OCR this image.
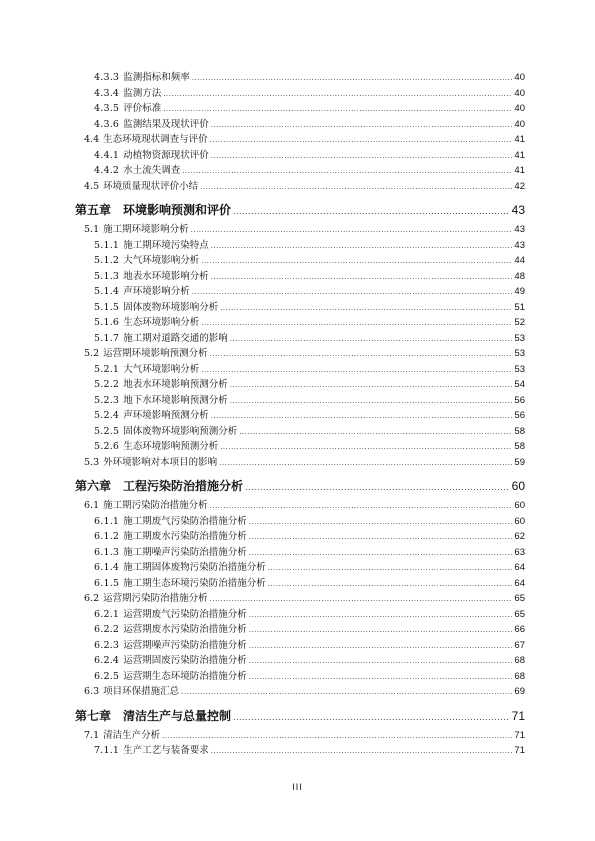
4.3.3 监测指标和频率 .....	40
4.3.4 监测方法 .....	40
4.3.5 评价标准 .....	40
4.3.6 监测结果及现状评价 .....	40
4.4 生态环境现状调查与评价 .....	41
4.4.1 动植物资源现状评价 .....	41
4.4.2 水土流失调查 .....	41
4.5 环境质量现状评价小结 .....	42
第五章	环境影响预测和评价 .....	43
5.1 施工期环境影响分析 .....	43
5.1.1 施工期环境污染特点 .....	43
5.1.2 大气环境影响分析 .....	44
5.1.3 地表水环境影响分析 .....	48
5.1.4 声环境影响分析 .....	49
5.1.5 固体废物环境影响分析 .....	51
5.1.6 生态环境影响分析 .....	52
5.1.7 施工期对道路交通的影响 .....	53
5.2 运营期环境影响预测分析 .....	53
5.2.1 大气环境影响分析 .....	53
5.2.2 地表水环境影响预测分析 .....	54
5.2.3 地下水环境影响预测分析 .....	56
5.2.4 声环境影响预测分析 .....	56
5.2.5 固体废物环境影响预测分析 .....	58
5.2.6 生态环境影响预测分析 .....	58
5.3 外环境影响对本项目的影响 .....	59
第六章	工程污染防治措施分析 .....	60
6.1 施工期污染防治措施分析 .....	60
6.1.1 施工期废气污染防治措施分析 .....	60
6.1.2 施工期废水污染防治措施分析 .....	62
6.1.3 施工期噪声污染防治措施分析 .....	63
6.1.4 施工期固体废物污染防治措施分析 .....	64
6.1.5 施工期生态环境污染防治措施分析 .....	64
6.2 运营期污染防治措施分析 .....	65
6.2.1 运营期废气污染防治措施分析 .....	65
6.2.2 运营期废水污染防治措施分析 .....	66
6.2.3 运营期噪声污染防治措施分析 .....	67
6.2.4 运营期固废污染防治措施分析 .....	68
6.2.5 运营期生态环境防治措施分析 .....	68
6.3 项目环保措施汇总 .....	69
第七章	清洁生产与总量控制 .....	71
7.1 清洁生产分析 .....	71
7.1.1 生产工艺与装备要求 .....	71
III
